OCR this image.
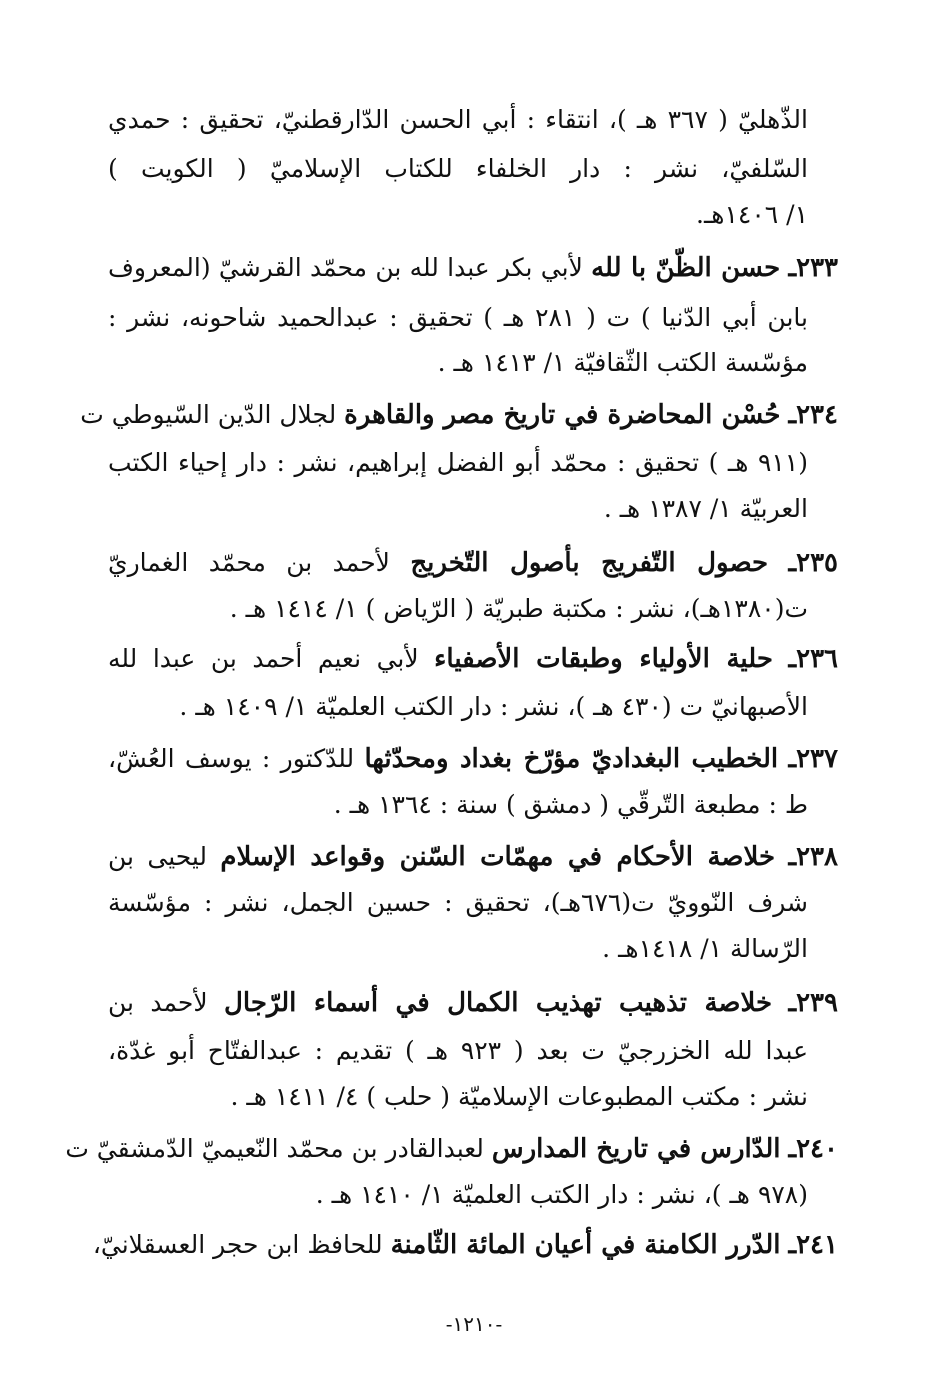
الذّهليّ ( ٣٦٧ هـ )، انتقاء : أبي الحسن الدّارقطنيّ، تحقيق : حمدي
السّلفيّ، نشر : دار الخلفاء للكتاب الإسلاميّ ( الكويت )
١/ ١٤٠٦هـ.
٢٣٣ـ حسن الظّنّ با لله لأبي بكر عبدا لله بن محمّد القرشيّ (المعروف
بابن أبي الدّنيا ) ت ( ٢٨١ هـ ) تحقيق : عبدالحميد شاحونه، نشر :
مؤسّسة الكتب الثّقافيّة ١/ ١٤١٣ هـ .
٢٣٤ـ حُسْن المحاضرة في تاريخ مصر والقاهرة لجلال الدّين السّيوطي ت
(٩١١ هـ ) تحقيق : محمّد أبو الفضل إبراهيم، نشر : دار إحياء الكتب
العربيّة ١/ ١٣٨٧ هـ .
٢٣٥ـ حصول التّفريج بأصول التّخريج لأحمد بن محمّد الغماريّ
ت(١٣٨٠هـ)، نشر : مكتبة طبريّة ( الرّياض ) ١/ ١٤١٤ هـ .
٢٣٦ـ حلية الأولياء وطبقات الأصفياء لأبي نعيم أحمد بن عبدا لله
الأصبهانيّ ت (٤٣٠ هـ )، نشر : دار الكتب العلميّة ١/ ١٤٠٩ هـ .
٢٣٧ـ الخطيب البغداديّ مؤرّخ بغداد ومحدّثها للدّكتور : يوسف العُشّ،
ط : مطبعة التّرقّي ( دمشق ) سنة : ١٣٦٤ هـ .
٢٣٨ـ خلاصة الأحكام في مهمّات السّنن وقواعد الإسلام ليحيى بن
شرف النّوويّ ت(٦٧٦هـ)، تحقيق : حسين الجمل، نشر : مؤسّسة
الرّسالة ١/ ١٤١٨هـ .
٢٣٩ـ خلاصة تذهيب تهذيب الكمال في أسماء الرّجال لأحمد بن
عبدا لله الخزرجيّ ت بعد ( ٩٢٣ هـ ) تقديم : عبدالفتّاح أبو غدّة،
نشر : مكتب المطبوعات الإسلاميّة ( حلب ) ٤/ ١٤١١ هـ .
٢٤٠ـ الدّارس في تاريخ المدارس لعبدالقادر بن محمّد النّعيميّ الدّمشقيّ ت
(٩٧٨ هـ )، نشر : دار الكتب العلميّة ١/ ١٤١٠ هـ .
٢٤١ـ الدّرر الكامنة في أعيان المائة الثّامنة للحافظ ابن حجر العسقلانيّ،
-١٢١٠-
